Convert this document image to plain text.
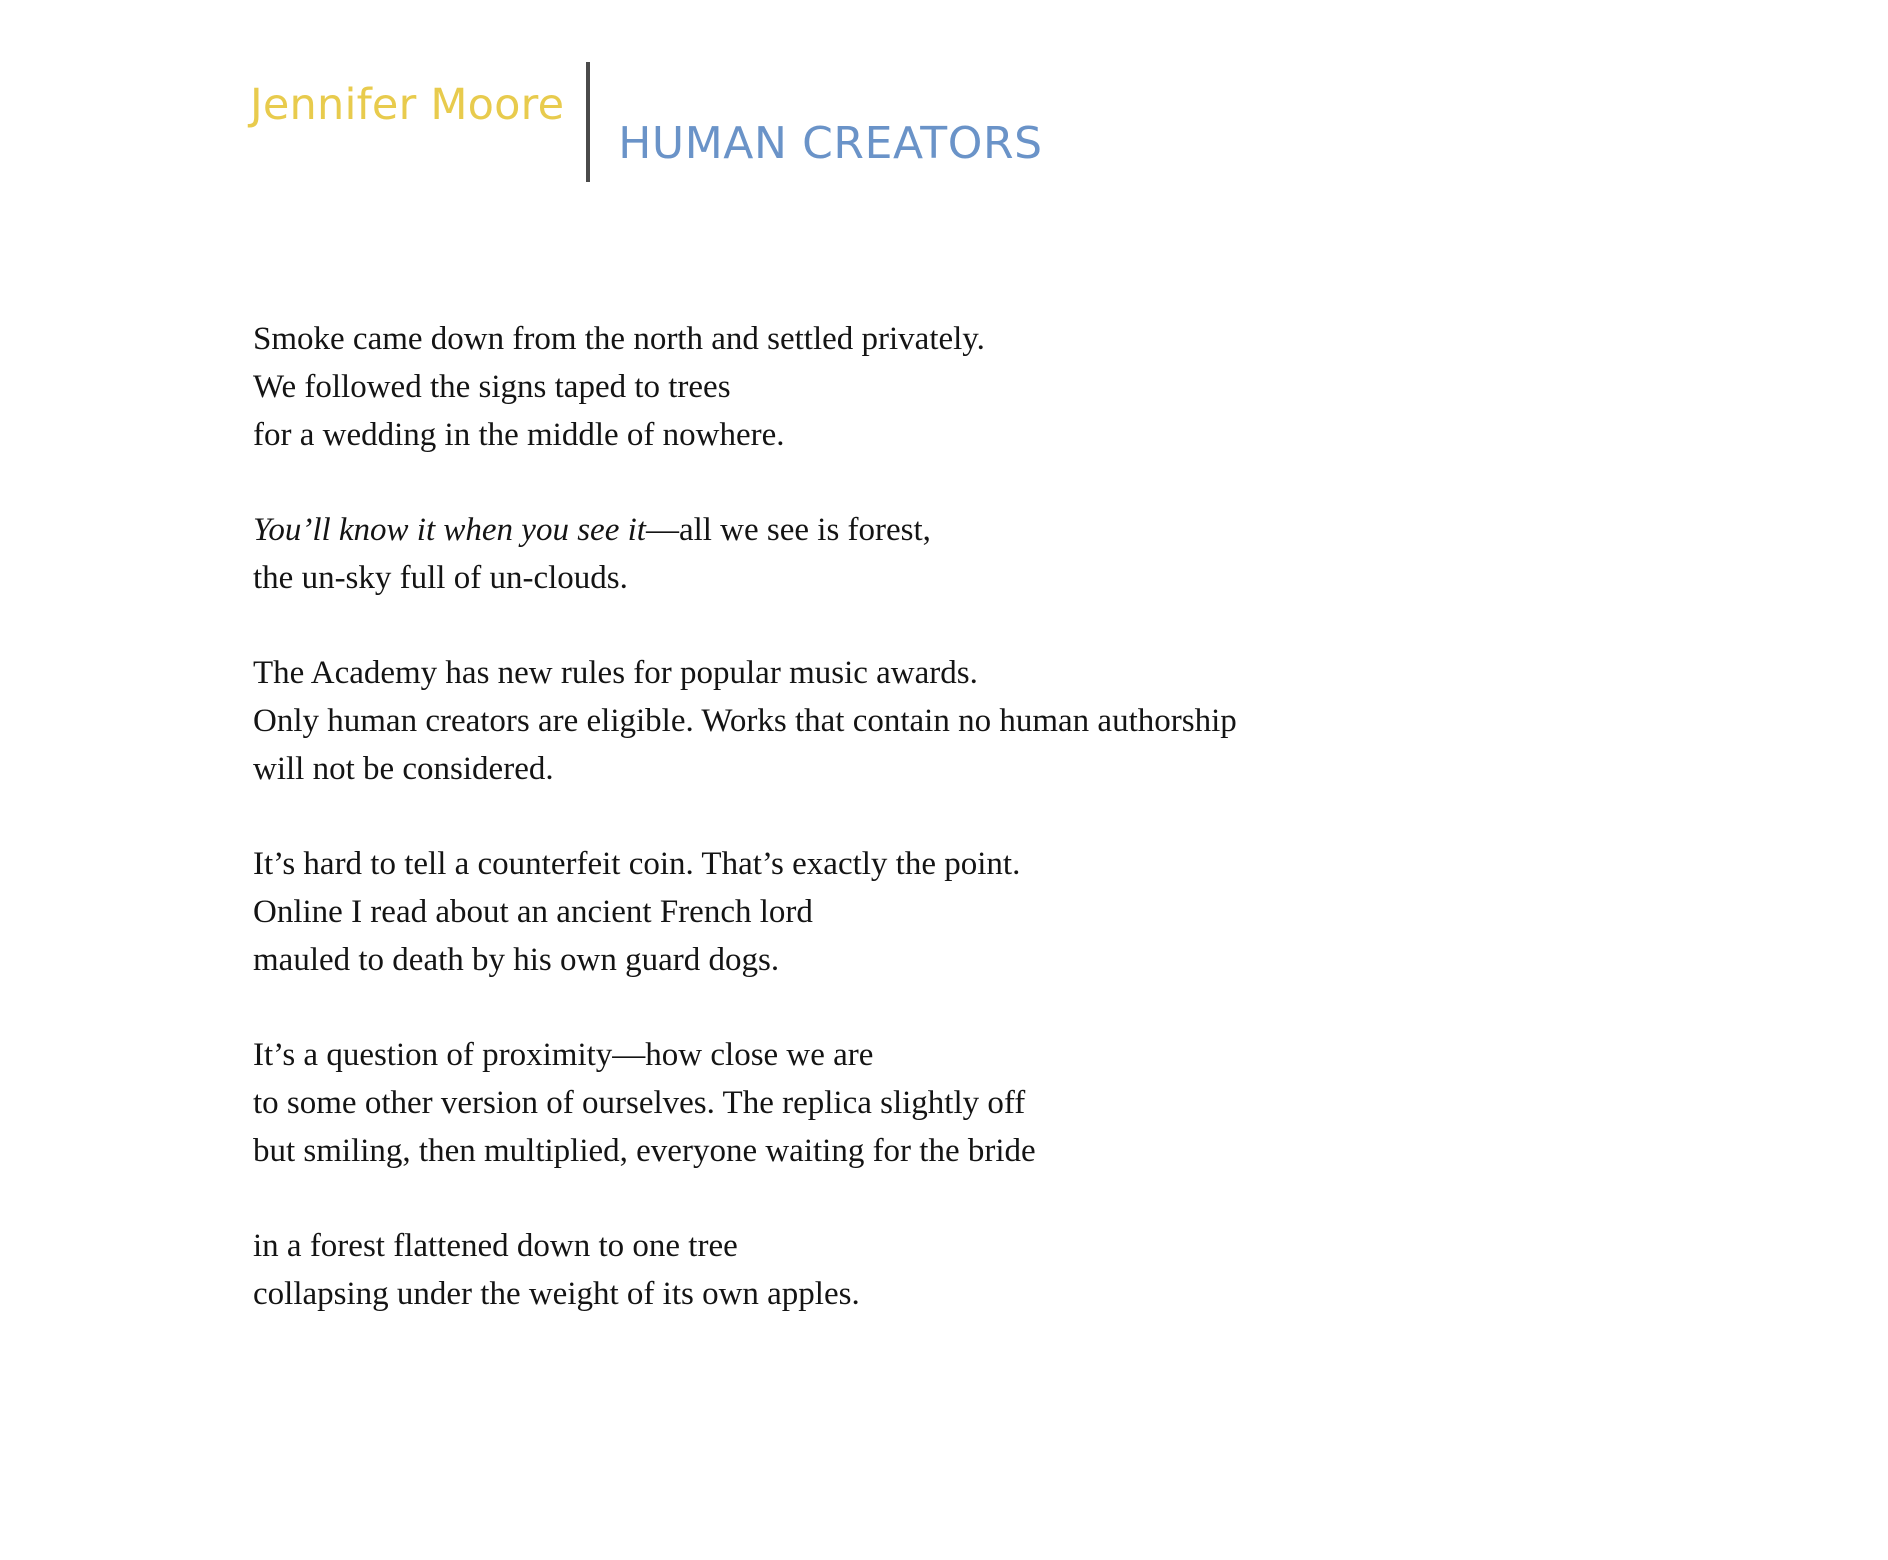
Jennifer Moore
HUMAN CREATORS
Smoke came down from the north and settled privately.
We followed the signs taped to trees
for a wedding in the middle of nowhere.
You’ll know it when you see it—all we see is forest,
the un-sky full of un-clouds.
The Academy has new rules for popular music awards.
Only human creators are eligible. Works that contain no human authorship
will not be considered.
It’s hard to tell a counterfeit coin. That’s exactly the point.
Online I read about an ancient French lord
mauled to death by his own guard dogs.
It’s a question of proximity—how close we are
to some other version of ourselves. The replica slightly off
but smiling, then multiplied, everyone waiting for the bride
in a forest flattened down to one tree
collapsing under the weight of its own apples.
